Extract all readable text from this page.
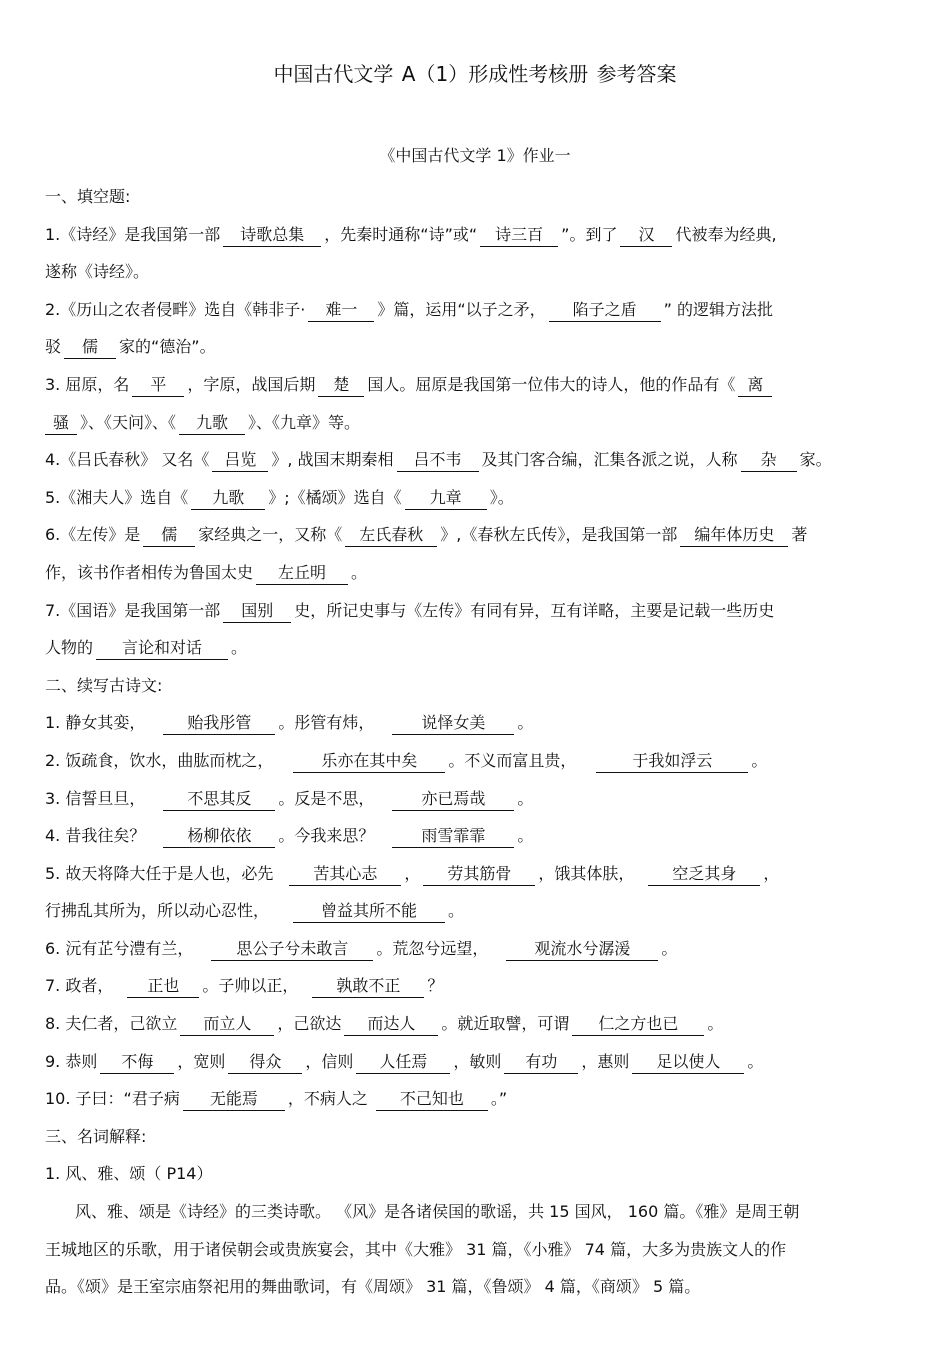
中国古代文学 A（1）形成性考核册 参考答案
《中国古代文学 1》作业一
一、填空题:
1.《诗经》是我国第一部 诗歌总集 ，先秦时通称“诗”或“ 诗三百 ”。到了 汉 代被奉为经典,
遂称《诗经》。
2.《历山之农者侵畔》选自《韩非子· 难一 》篇，运用“以子之矛， 陷子之盾 ” 的逻辑方法批
驳 儒 家的“德治”。
3. 屈原，名 平 ，字原，战国后期 楚 国人。屈原是我国第一位伟大的诗人，他的作品有《 离
骚 》、《天问》、《 九歌 》、《九章》等。
4.《吕氏春秋》 又名《 吕览 》, 战国末期秦相 吕不韦 及其门客合编，汇集各派之说，人称 杂 家。
5.《湘夫人》选自《 九歌 》;《橘颂》选自《 九章 》。
6.《左传》是 儒 家经典之一，又称《 左氏春秋 》,《春秋左氏传》，是我国第一部 编年体历史 著
作，该书作者相传为鲁国太史 左丘明 。
7.《国语》是我国第一部 国别 史，所记史事与《左传》有同有异，互有详略，主要是记载一些历史
人物的 言论和对话 。
二、续写古诗文:
1. 静女其娈，	贻我彤管 。彤管有炜，	说怿女美 。
2. 饭疏食，饮水，曲肱而枕之，	乐亦在其中矣 。不义而富且贵，	于我如浮云 。
3. 信誓旦旦，	不思其反 。反是不思，	亦已焉哉 。
4. 昔我往矣？	杨柳依依 。今我来思？	雨雪霏霏 。
5. 故天将降大任于是人也，必先 苦其心志 ， 劳其筋骨 ，饿其体肤， 空乏其身 ，
行拂乱其所为，所以动心忍性，	曾益其所不能 。
6. 沅有芷兮澧有兰，	思公子兮未敢言 。荒忽兮远望，	观流水兮潺湲 。
7. 政者， 正也 。子帅以正， 孰敢不正 ？
8. 夫仁者，己欲立 而立人 ，己欲达 而达人 。就近取譬，可谓 仁之方也已 。
9. 恭则 不侮 ，宽则 得众 ，信则 人任焉 ，敏则 有功 ，惠则 足以使人 。
10. 子曰：“君子病 无能焉 ，不病人之 不己知也 。”
三、名词解释:
1. 风、雅、颂（ P14）
风、雅、颂是《诗经》的三类诗歌。 《风》是各诸侯国的歌谣，共 15 国风， 160 篇。《雅》是周王朝
王城地区的乐歌，用于诸侯朝会或贵族宴会，其中《大雅》 31 篇，《小雅》 74 篇，大多为贵族文人的作
品。《颂》是王室宗庙祭祀用的舞曲歌词，有《周颂》 31 篇，《鲁颂》 4 篇，《商颂》 5 篇。
